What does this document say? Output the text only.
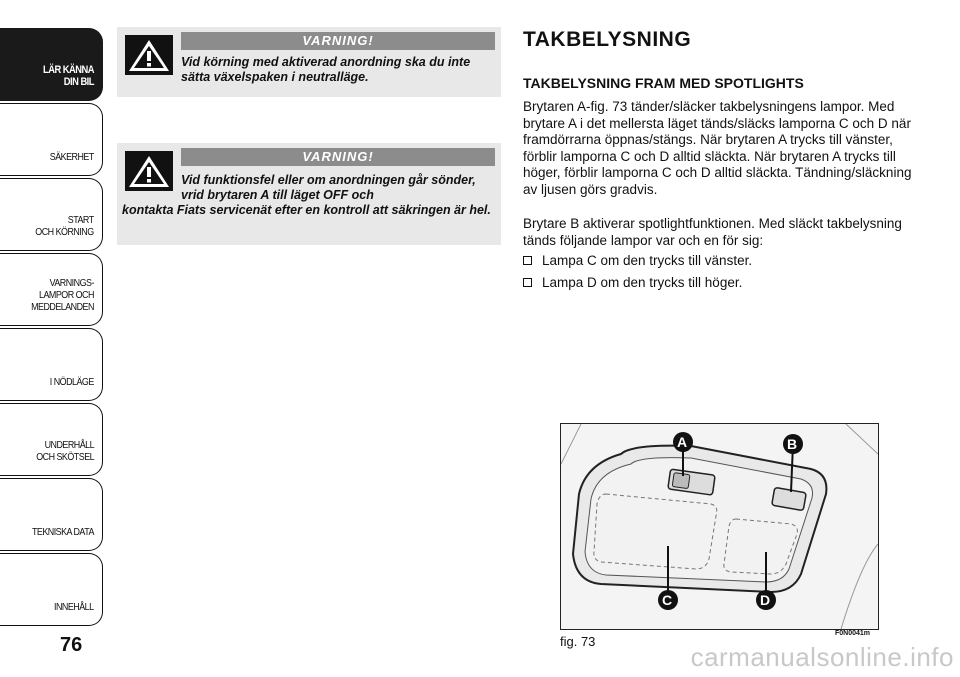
LÄR KÄNNA
DIN BIL
SÄKERHET
START
OCH KÖRNING
VARNINGS-
LAMPOR OCH
MEDDELANDEN
I NÖDLÄGE
UNDERHÅLL
OCH SKÖTSEL
TEKNISKA DATA
INNEHÅLL
76
VARNING!
Vid körning med aktiverad anordning ska du inte sätta växelspaken i neutralläge.
VARNING!
Vid funktionsfel eller om anordningen går sönder, vrid brytaren A till läget OFF och
kontakta Fiats servicenät efter en kontroll att säkringen är hel.
TAKBELYSNING
TAKBELYSNING FRAM MED SPOTLIGHTS
Brytaren A-fig. 73 tänder/släcker takbelysningens lampor. Med brytare A i det mellersta läget tänds/släcks lamporna C och D när framdörrarna öppnas/stängs. När brytaren A trycks till vänster, förblir lamporna C och D alltid släckta. När brytaren A trycks till höger, förblir lamporna C och D alltid släckta. Tändning/släckning av ljusen görs gradvis.
Brytare B aktiverar spotlightfunktionen. Med släckt takbelysning tänds följande lampor var och en för sig:
Lampa C om den trycks till vänster.
Lampa D om den trycks till höger.
A	B
C	D
fig. 73
F0N0041m
carmanualsonline.info
